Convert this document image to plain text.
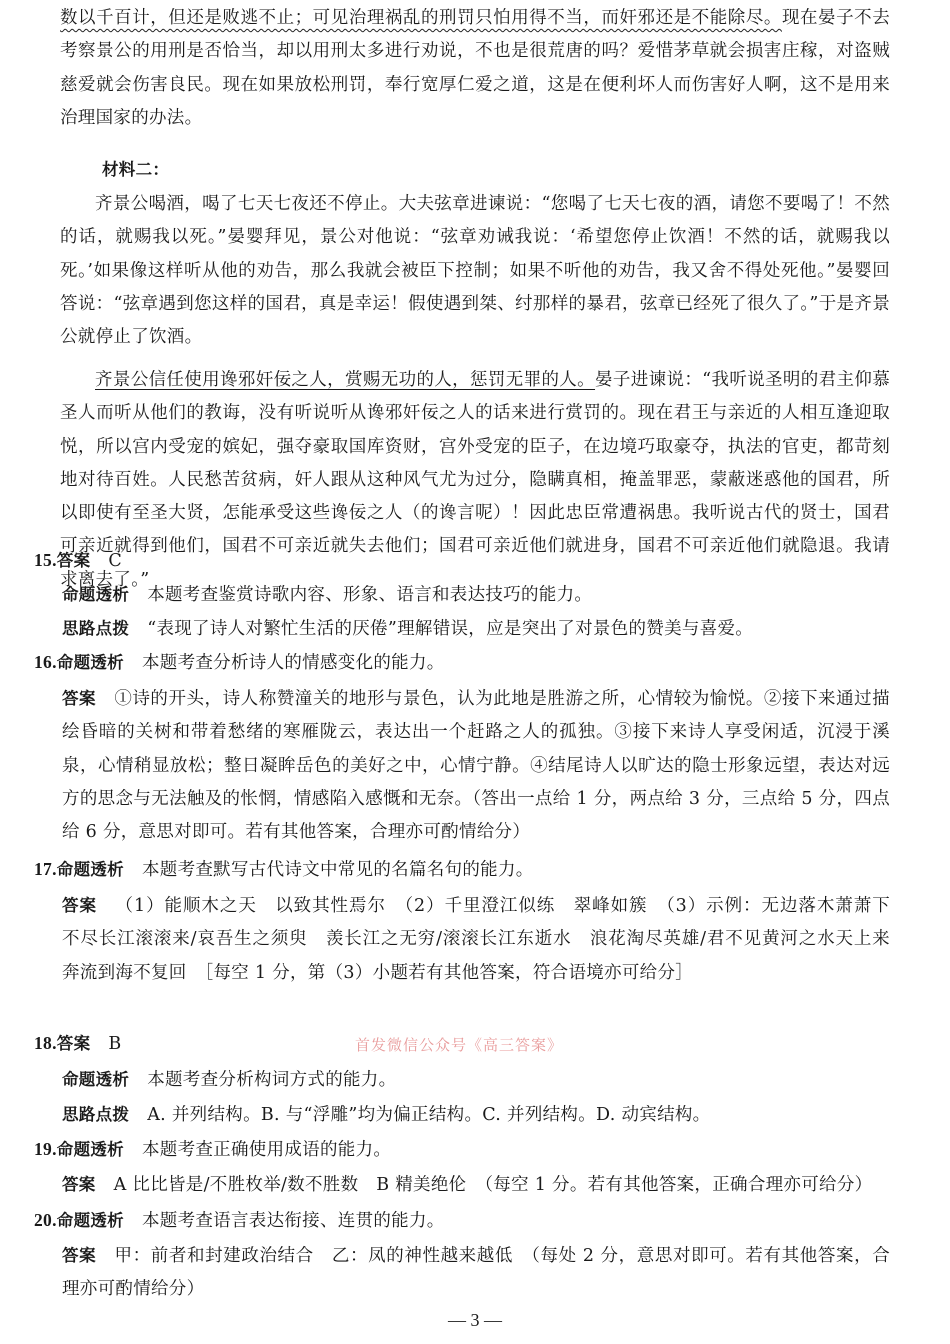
数以千百计，但还是败逃不止；可见治理祸乱的刑罚只怕用得不当，而奸邪还是不能除尽。现在晏子不去考察景公的用刑是否恰当，却以用刑太多进行劝说，不也是很荒唐的吗？爱惜茅草就会损害庄稼，对盗贼慈爱就会伤害良民。现在如果放松刑罚，奉行宽厚仁爱之道，这是在便利坏人而伤害好人啊，这不是用来治理国家的办法。

材料二：

齐景公喝酒，喝了七天七夜还不停止。大夫弦章进谏说：“您喝了七天七夜的酒，请您不要喝了！不然的话，就赐我以死。”晏婴拜见，景公对他说：“弦章劝诫我说：‘希望您停止饮酒！不然的话，就赐我以死。’如果像这样听从他的劝告，那么我就会被臣下控制；如果不听他的劝告，我又舍不得处死他。”晏婴回答说：“弦章遇到您这样的国君，真是幸运！假使遇到桀、纣那样的暴君，弦章已经死了很久了。”于是齐景公就停止了饮酒。

齐景公信任使用谗邪奸佞之人，赏赐无功的人，惩罚无罪的人。晏子进谏说：“我听说圣明的君主仰慕圣人而听从他们的教诲，没有听说听从谗邪奸佞之人的话来进行赏罚的。现在君王与亲近的人相互逢迎取悦，所以宫内受宠的嫔妃，强夺豪取国库资财，宫外受宠的臣子，在边境巧取豪夺，执法的官吏，都苛刻地对待百姓。人民愁苦贫病，奸人跟从这种风气尤为过分，隐瞒真相，掩盖罪恶，蒙蔽迷惑他的国君，所以即使有至圣大贤，怎能承受这些谗佞之人（的谗言呢）！因此忠臣常遭祸患。我听说古代的贤士，国君可亲近就得到他们，国君不可亲近就失去他们；国君可亲近他们就进身，国君不可亲近他们就隐退。我请求离去了。”

15.答案 C

命题透析 本题考查鉴赏诗歌内容、形象、语言和表达技巧的能力。

思路点拨 “表现了诗人对繁忙生活的厌倦”理解错误，应是突出了对景色的赞美与喜爱。

16.命题透析 本题考查分析诗人的情感变化的能力。

答案 ①诗的开头，诗人称赞潼关的地形与景色，认为此地是胜游之所，心情较为愉悦。②接下来通过描绘昏暗的关树和带着愁绪的寒雁陇云，表达出一个赶路之人的孤独。③接下来诗人享受闲适，沉浸于溪泉，心情稍显放松；整日凝眸岳色的美好之中，心情宁静。④结尾诗人以旷达的隐士形象远望，表达对远方的思念与无法触及的怅惘，情感陷入感慨和无奈。（答出一点给 1 分，两点给 3 分，三点给 5 分，四点给 6 分，意思对即可。若有其他答案，合理亦可酌情给分）

17.命题透析 本题考查默写古代诗文中常见的名篇名句的能力。

答案 （1）能顺木之天　以致其性焉尔　（2）千里澄江似练　翠峰如簇　（3）示例：无边落木萧萧下　不尽长江滚滚来/哀吾生之须臾　羡长江之无穷/滚滚长江东逝水　浪花淘尽英雄/君不见黄河之水天上来　奔流到海不复回　［每空 1 分，第（3）小题若有其他答案，符合语境亦可给分］

首发微信公众号《高三答案》

18.答案 B

命题透析 本题考查分析构词方式的能力。

思路点拨 A. 并列结构。B. 与“浮雕”均为偏正结构。C. 并列结构。D. 动宾结构。

19.命题透析 本题考查正确使用成语的能力。

答案 A 比比皆是/不胜枚举/数不胜数　B 精美绝伦　（每空 1 分。若有其他答案，正确合理亦可给分）

20.命题透析 本题考查语言表达衔接、连贯的能力。

答案 甲：前者和封建政治结合　乙：凤的神性越来越低　（每处 2 分，意思对即可。若有其他答案，合理亦可酌情给分）

— 3 —
